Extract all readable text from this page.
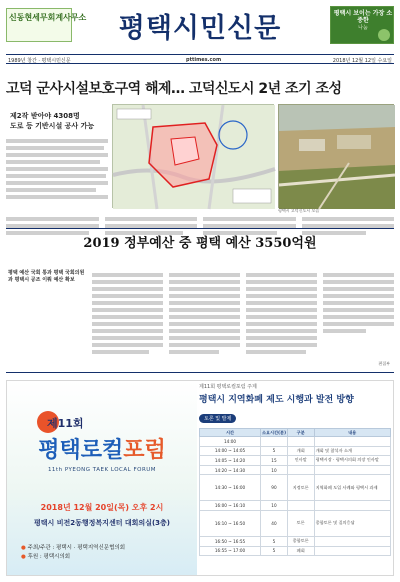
신동현세무회계사무소	평택시민신문	평택시 보이는 가장 소중한
나눔
1989년 창간 · 평택시민신문	pttimes.com	2018년 12월 12일 수요일
고덕 군사시설보호구역 해제… 고덕신도시 2년 조기 조성
제2작 받아야 4308명
도로 등 기반시설 공사 가능
평택시 고덕신도시 모습
2019 정부예산 중 평택 예산 3550억원
평택 예산 국회 통과 평택 국회의원과 평택시 공조 이뤄 예산 확보
편집부
제11회
평택로컬포럼
11th PYEONG TAEK LOCAL FORUM
2018년 12월 20일(목) 오후 2시
평택시 비전2동행정복지센터 대회의실(3층)
● 주최/주관 : 평택시 · 평택지역신문협의회
● 후원 : 평택시의회
제11회 평택로컬포럼 주제
평택시 지역화폐 제도 시행과 발전 방향
토론 및 발제
시간	소요시간(분)	구분	내용
14:00			
14:00 ~ 14:05	5	개회	개회 및 참석자 소개
14:05 ~ 14:20	15	인사말	평택시장 · 평택시의회 의장 인사말
14:20 ~ 14:30	10		
14:30 ~ 16:00	90	지정토론	지역화폐 도입 사례와 평택시 과제
16:00 ~ 16:10	10		
16:10 ~ 16:50	40	토론	종합토론 및 질의응답
16:50 ~ 16:55	5	종합토론	
16:55 ~ 17:00	5	폐회	
